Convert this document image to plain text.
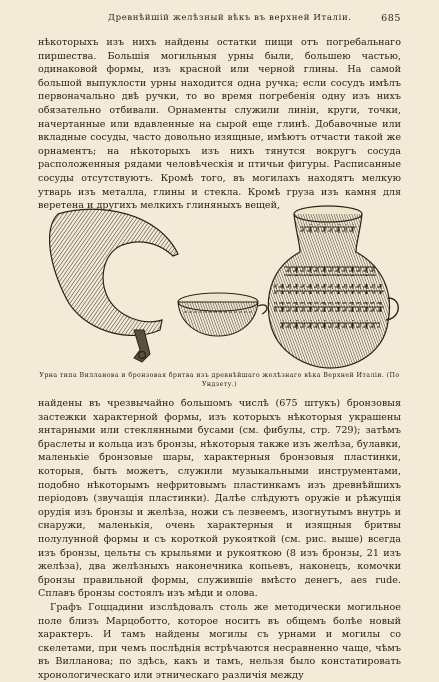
Древнѣйшій желѣзный вѣкъ въ верхней Италіи.	685

нѣкоторыхъ изъ нихъ найдены остатки пищи отъ погребальнаго пиршества. Большія могильныя урны были, большею частью, одинаковой формы, изъ красной или черной глины. На самой большой выпуклости урны находится одна ручка; если сосудъ имѣлъ первоначально двѣ ручки, то во время погребенія одну изъ нихъ обязательно отбивали. Орнаменты служили линіи, круги, точки, начертанные или вдавленные на сырой еще глинѣ. Добавочные или вкладные сосуды, часто довольно изящные, имѣютъ отчасти такой же орнаментъ; на нѣкоторыхъ изъ нихъ тянутся вокругъ сосуда расположенныя рядами человѣческія и птичьи фигуры. Расписанные сосуды отсутствуютъ. Кромѣ того, въ могилахъ находятъ мелкую утварь изъ металла, глины и стекла. Кромѣ груза изъ камня для веретена и другихъ мелкихъ глиняныхъ вещей,

Урна типа Вилланова и бронзовая бритва изъ древнѣйшаго желѣзнаго вѣка Верхней Италіи. (По Ундзету.)

найдены въ чрезвычайно большомъ числѣ (675 штукъ) бронзовыя застежки характерной формы, изъ которыхъ нѣкоторыя украшены янтарными или стеклянными бусами (см. фибулы, стр. 729); затѣмъ браслеты и кольца изъ бронзы, нѣкоторыя также изъ желѣза, булавки, маленькіе бронзовые шары, характерныя бронзовыя пластинки, которыя, быть можетъ, служили музыкальными инструментами, подобно нѣкоторымъ нефритовымъ пластинкамъ изъ древнѣйшихъ періодовъ (звучащія пластинки). Далѣе слѣдуютъ оружіе и рѣжущія орудія изъ бронзы и желѣза, ножи съ лезвеемъ, изогнутымъ внутрь и снаружи, маленькія, очень характерныя и изящныя бритвы полулунной формы и съ короткой рукояткой (см. рис. выше) всегда изъ бронзы, цельты съ крыльями и рукояткою (8 изъ бронзы, 21 изъ желѣза), два желѣзныхъ наконечника копьевъ, наконецъ, комочки бронзы правильной формы, служившіе вмѣсто денегъ, aes rude. Сплавъ бронзы состоялъ изъ мѣди и олова.

Графъ Гоццадини изслѣдовалъ столь же методически могильное поле близъ Марцоботто, которое носитъ въ общемъ болѣе новый характеръ. И тамъ найдены могилы съ урнами и могилы со скелетами, при чемъ послѣднія встрѣчаются несравненно чаще, чѣмъ въ Вилланова; по здѣсь, какъ и тамъ, нельзя было констатировать хронологическаго или этническаго различія между
